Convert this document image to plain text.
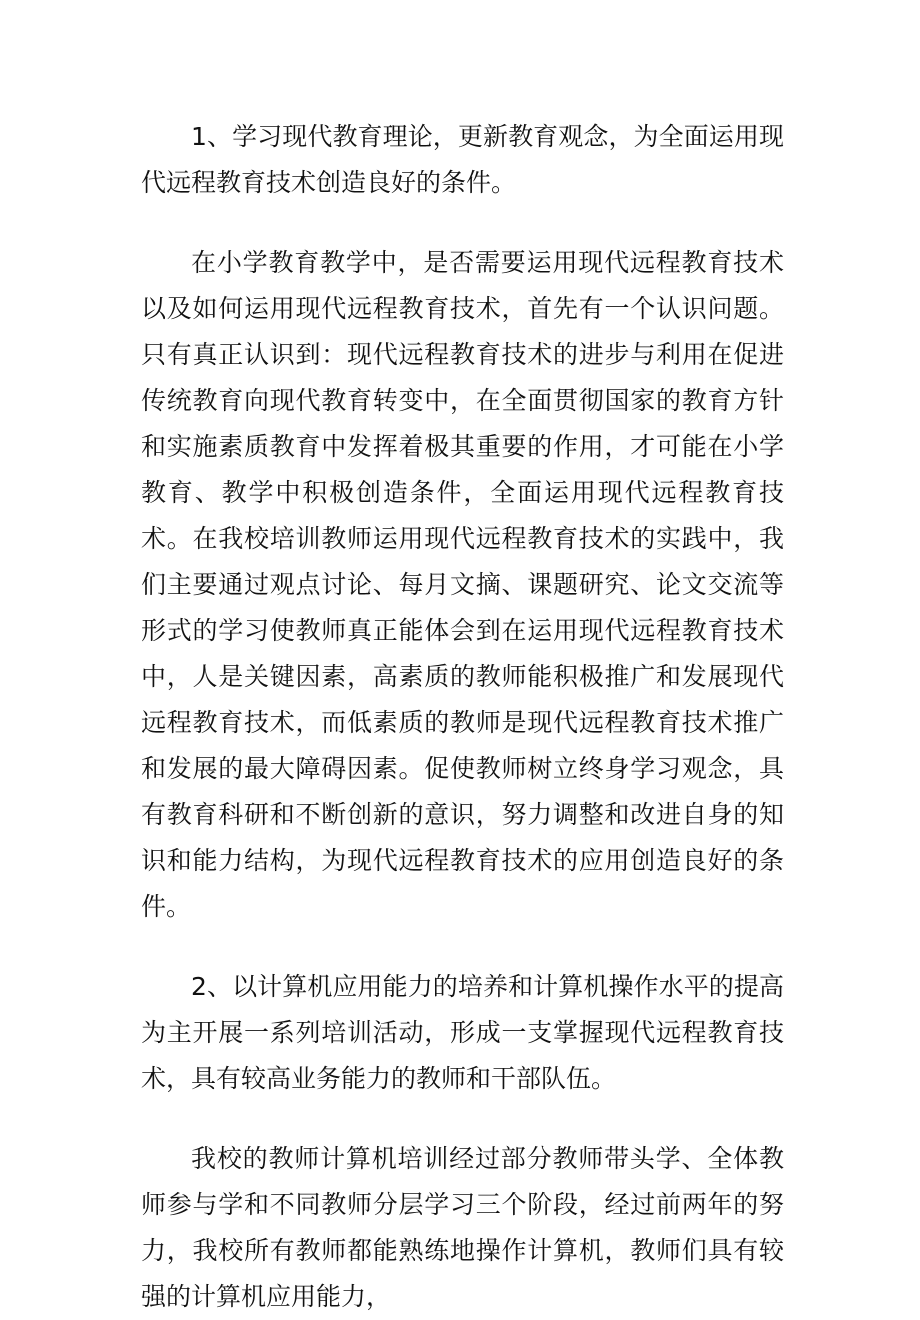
1、学习现代教育理论，更新教育观念，为全面运用现代远程教育技术创造良好的条件。

在小学教育教学中，是否需要运用现代远程教育技术以及如何运用现代远程教育技术，首先有一个认识问题。只有真正认识到：现代远程教育技术的进步与利用在促进传统教育向现代教育转变中，在全面贯彻国家的教育方针和实施素质教育中发挥着极其重要的作用，才可能在小学教育、教学中积极创造条件，全面运用现代远程教育技术。在我校培训教师运用现代远程教育技术的实践中，我们主要通过观点讨论、每月文摘、课题研究、论文交流等形式的学习使教师真正能体会到在运用现代远程教育技术中，人是关键因素，高素质的教师能积极推广和发展现代远程教育技术，而低素质的教师是现代远程教育技术推广和发展的最大障碍因素。促使教师树立终身学习观念，具有教育科研和不断创新的意识，努力调整和改进自身的知识和能力结构，为现代远程教育技术的应用创造良好的条件。

2、以计算机应用能力的培养和计算机操作水平的提高为主开展一系列培训活动，形成一支掌握现代远程教育技术，具有较高业务能力的教师和干部队伍。

我校的教师计算机培训经过部分教师带头学、全体教师参与学和不同教师分层学习三个阶段，经过前两年的努力，我校所有教师都能熟练地操作计算机，教师们具有较强的计算机应用能力，
